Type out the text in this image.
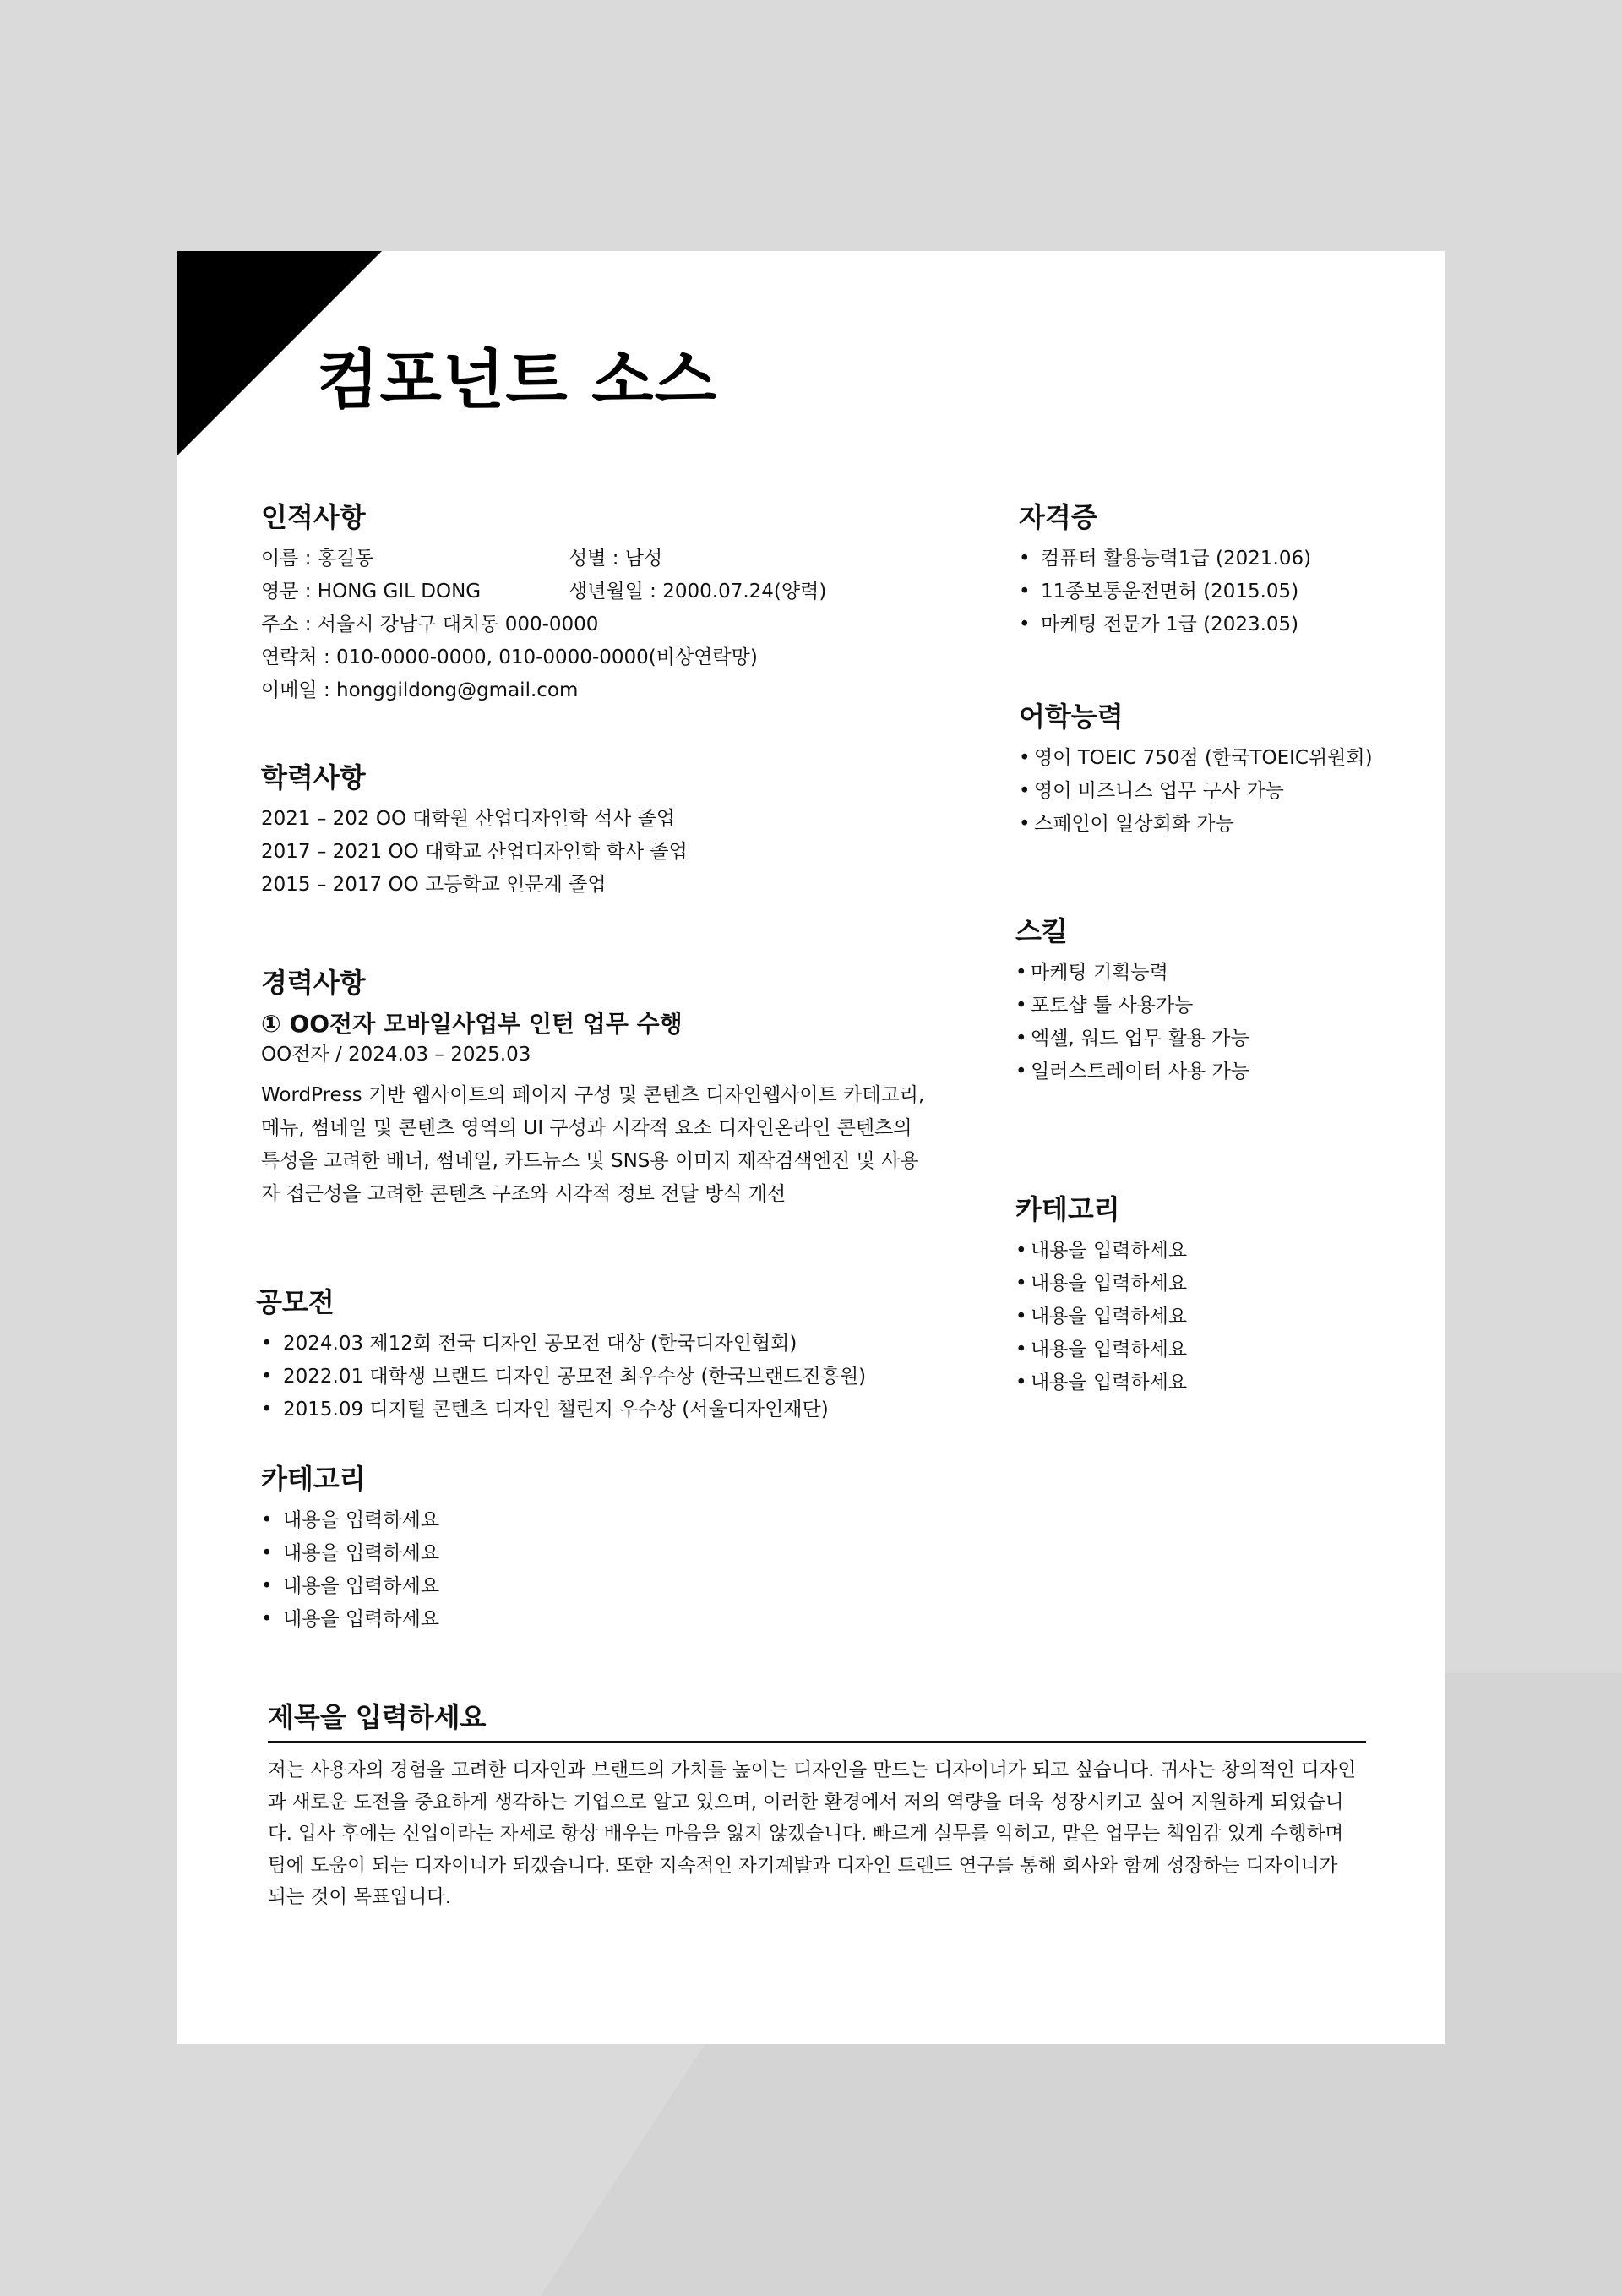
컴포넌트 소스
인적사항
이름 : 홍길동	성별 : 남성
영문 : HONG GIL DONG	생년월일 : 2000.07.24(양력)
주소 : 서울시 강남구 대치동 000-0000
연락처 : 010-0000-0000, 010-0000-0000(비상연락망)
이메일 : honggildong@gmail.com
학력사항
2021 – 202 OO 대학원 산업디자인학 석사 졸업
2017 – 2021 OO 대학교 산업디자인학 학사 졸업
2015 – 2017 OO 고등학교 인문계 졸업
경력사항
① OO전자 모바일사업부 인턴 업무 수행
OO전자 / 2024.03 – 2025.03
WordPress 기반 웹사이트의 페이지 구성 및 콘텐츠 디자인웹사이트 카테고리, 메뉴, 썸네일 및 콘텐츠 영역의 UI 구성과 시각적 요소 디자인온라인 콘텐츠의 특성을 고려한 배너, 썸네일, 카드뉴스 및 SNS용 이미지 제작검색엔진 및 사용자 접근성을 고려한 콘텐츠 구조와 시각적 정보 전달 방식 개선
공모전
• 2024.03 제12회 전국 디자인 공모전 대상 (한국디자인협회)
• 2022.01 대학생 브랜드 디자인 공모전 최우수상 (한국브랜드진흥원)
• 2015.09 디지털 콘텐츠 디자인 챌린지 우수상 (서울디자인재단)
카테고리
• 내용을 입력하세요
• 내용을 입력하세요
• 내용을 입력하세요
• 내용을 입력하세요
자격증
• 컴퓨터 활용능력1급 (2021.06)
• 11종보통운전면허 (2015.05)
• 마케팅 전문가 1급 (2023.05)
어학능력
• 영어 TOEIC 750점 (한국TOEIC위원회)
• 영어 비즈니스 업무 구사 가능
• 스페인어 일상회화 가능
스킬
• 마케팅 기획능력
• 포토샵 툴 사용가능
• 엑셀, 워드 업무 활용 가능
• 일러스트레이터 사용 가능
카테고리
• 내용을 입력하세요
• 내용을 입력하세요
• 내용을 입력하세요
• 내용을 입력하세요
• 내용을 입력하세요
제목을 입력하세요
저는 사용자의 경험을 고려한 디자인과 브랜드의 가치를 높이는 디자인을 만드는 디자이너가 되고 싶습니다. 귀사는 창의적인 디자인과 새로운 도전을 중요하게 생각하는 기업으로 알고 있으며, 이러한 환경에서 저의 역량을 더욱 성장시키고 싶어 지원하게 되었습니다. 입사 후에는 신입이라는 자세로 항상 배우는 마음을 잃지 않겠습니다. 빠르게 실무를 익히고, 맡은 업무는 책임감 있게 수행하며 팀에 도움이 되는 디자이너가 되겠습니다. 또한 지속적인 자기계발과 디자인 트렌드 연구를 통해 회사와 함께 성장하는 디자이너가 되는 것이 목표입니다.
